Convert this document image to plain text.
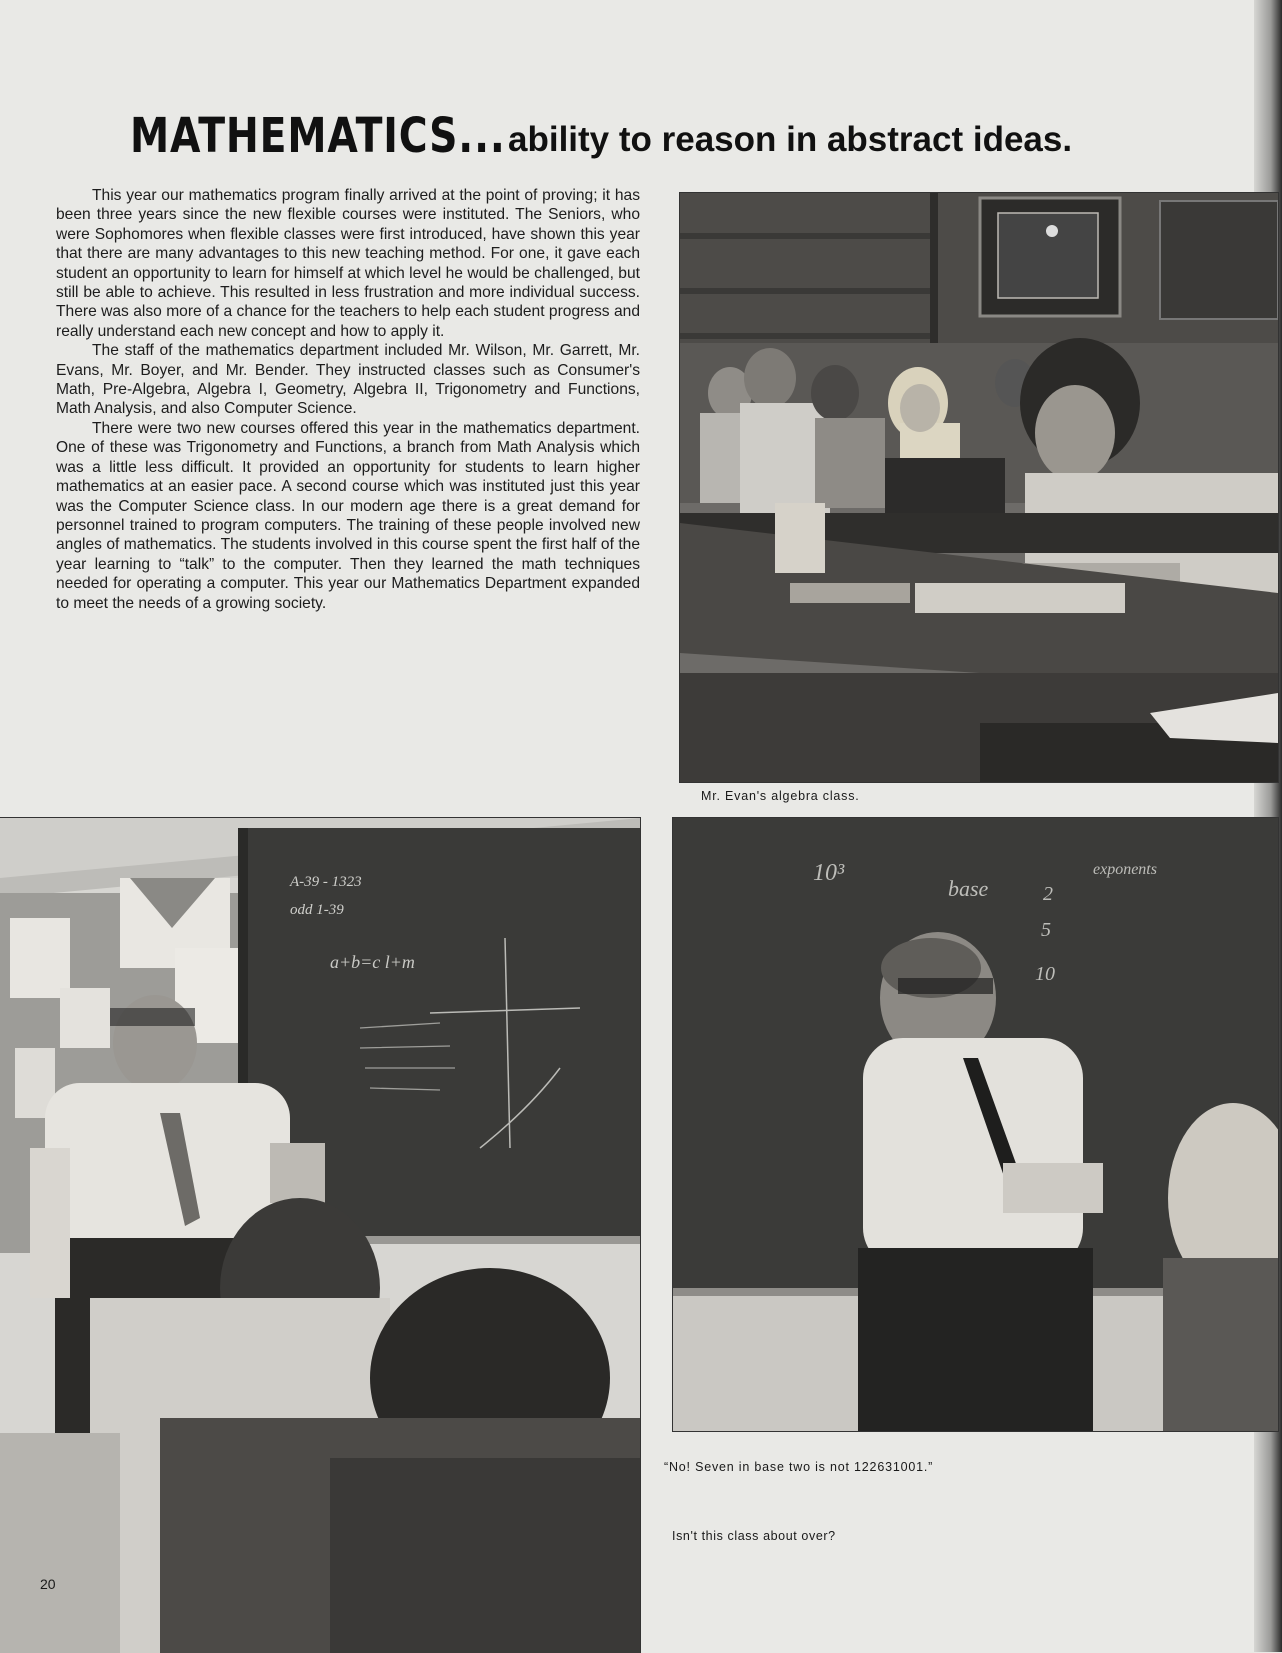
MATHEMATICS... ability to reason in abstract ideas.

This year our mathematics program finally arrived at the point of proving; it has been three years since the new flexible courses were instituted. The Seniors, who were Sophomores when flexible classes were first introduced, have shown this year that there are many advantages to this new teaching method. For one, it gave each student an opportunity to learn for himself at which level he would be challenged, but still be able to achieve. This resulted in less frustration and more individual success. There was also more of a chance for the teachers to help each student progress and really understand each new concept and how to apply it.

The staff of the mathematics department included Mr. Wilson, Mr. Garrett, Mr. Evans, Mr. Boyer, and Mr. Bender. They instructed classes such as Consumer's Math, Pre-Algebra, Algebra I, Geometry, Algebra II, Trigonometry and Functions, Math Analysis, and also Computer Science.

There were two new courses offered this year in the mathematics department. One of these was Trigonometry and Functions, a branch from Math Analysis which was a little less difficult. It provided an opportunity for students to learn higher mathematics at an easier pace. A second course which was instituted just this year was the Computer Science class. In our modern age there is a great demand for personnel trained to program computers. The training of these people involved new angles of mathematics. The students involved in this course spent the first half of the year learning to “talk” to the computer. Then they learned the math techniques needed for operating a computer. This year our Mathematics Department expanded to meet the needs of a growing society.

Mr. Evan's algebra class.
A-39 - 1323
odd 1-39
a+b=c l+m
10³
base
exponents
2
5
10
“No! Seven in base two is not 122631001.”
Isn't this class about over?
20
